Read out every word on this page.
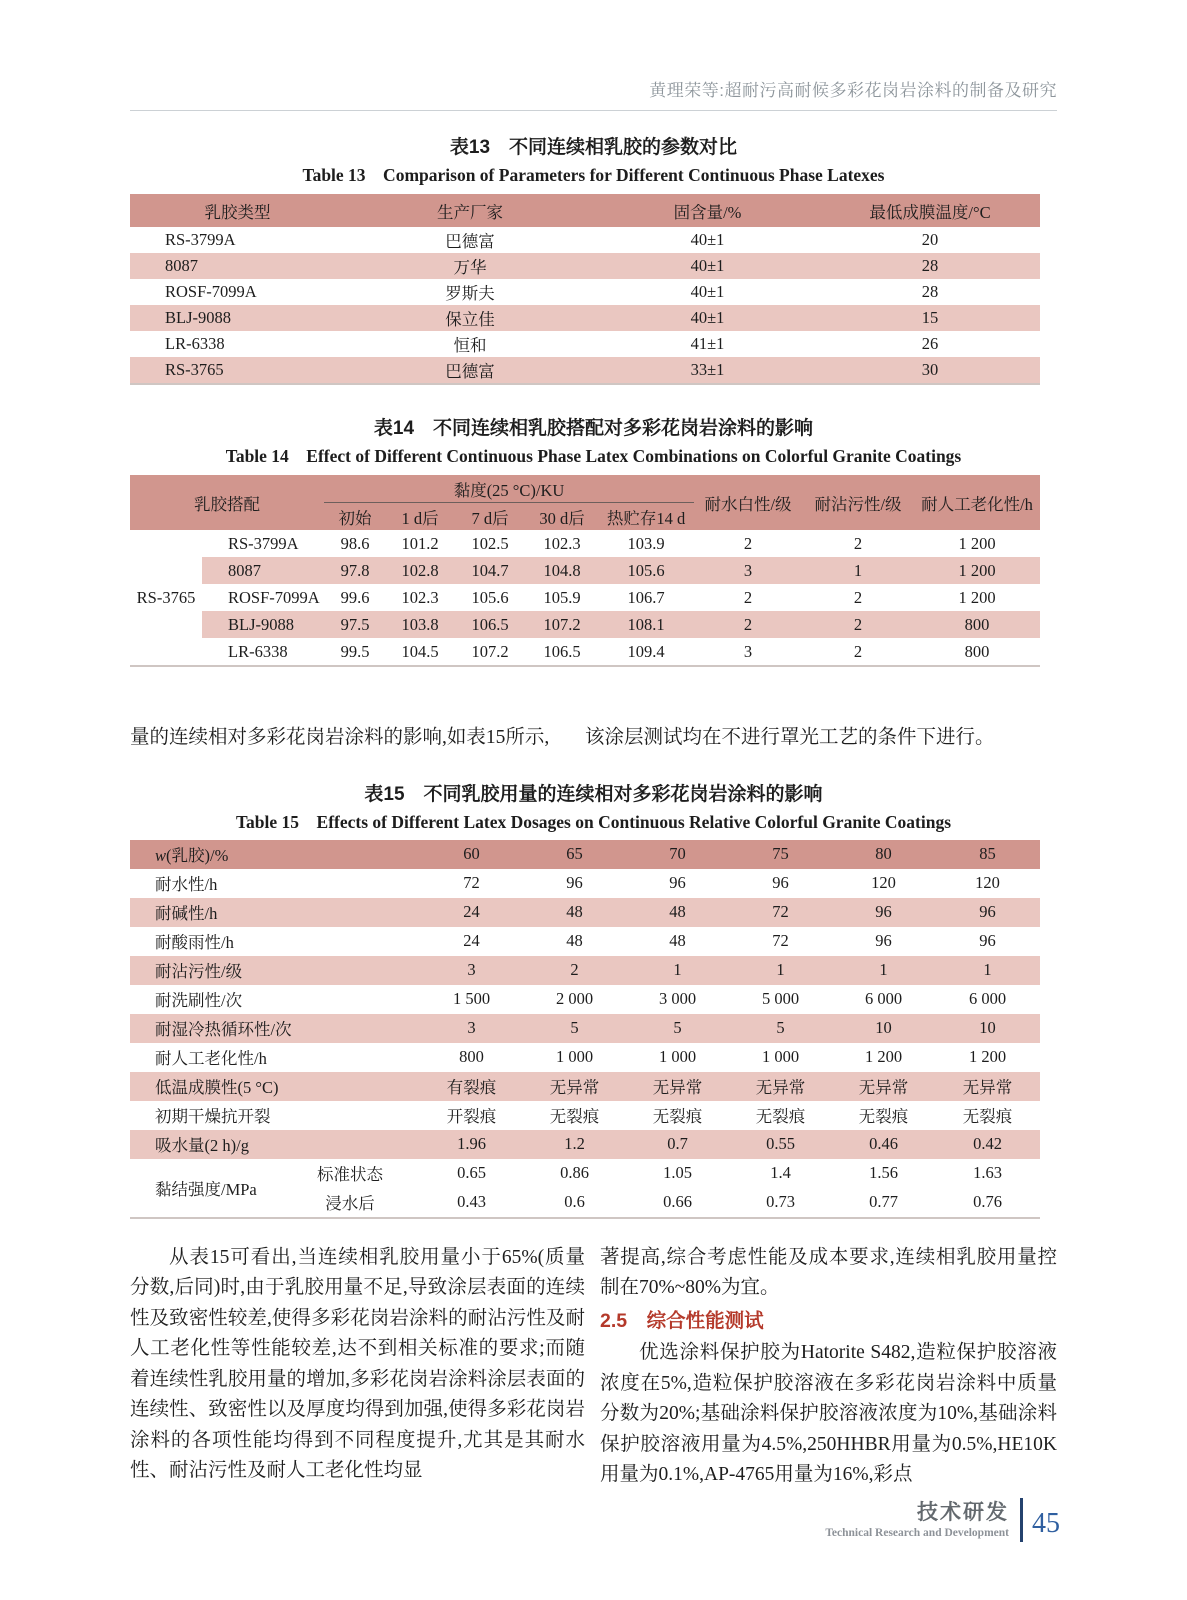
黄理荣等:超耐污高耐候多彩花岗岩涂料的制备及研究
表13　不同连续相乳胶的参数对比
Table 13 Comparison of Parameters for Different Continuous Phase Latexes
乳胶类型	生产厂家	固含量/%	最低成膜温度/°C
RS-3799A	巴德富	40±1	20
8087	万华	40±1	28
ROSF-7099A	罗斯夫	40±1	28
BLJ-9088	保立佳	40±1	15
LR-6338	恒和	41±1	26
RS-3765	巴德富	33±1	30
表14　不同连续相乳胶搭配对多彩花岗岩涂料的影响
Table 14 Effect of Different Continuous Phase Latex Combinations on Colorful Granite Coatings
乳胶搭配		黏度(25 °C)/KU					耐水白性/级	耐沾污性/级	耐人工老化性/h
		初始	1 d后	7 d后	30 d后	热贮存14 d			
RS-3765	RS-3799A	98.6	101.2	102.5	102.3	103.9	2	2	1 200
	8087	97.8	102.8	104.7	104.8	105.6	3	1	1 200
	ROSF-7099A	99.6	102.3	105.6	105.9	106.7	2	2	1 200
	BLJ-9088	97.5	103.8	106.5	107.2	108.1	2	2	800
	LR-6338	99.5	104.5	107.2	106.5	109.4	3	2	800

量的连续相对多彩花岗岩涂料的影响,如表15所示,	该涂层测试均在不进行罩光工艺的条件下进行。

表15　不同乳胶用量的连续相对多彩花岗岩涂料的影响
Table 15 Effects of Different Latex Dosages on Continuous Relative Colorful Granite Coatings
w(乳胶)/%		60	65	70	75	80	85
耐水性/h		72	96	96	96	120	120
耐碱性/h		24	48	48	72	96	96
耐酸雨性/h		24	48	48	72	96	96
耐沾污性/级		3	2	1	1	1	1
耐洗刷性/次		1 500	2 000	3 000	5 000	6 000	6 000
耐湿冷热循环性/次		3	5	5	5	10	10
耐人工老化性/h		800	1 000	1 000	1 000	1 200	1 200
低温成膜性(5 °C)		有裂痕	无异常	无异常	无异常	无异常	无异常
初期干燥抗开裂		开裂痕	无裂痕	无裂痕	无裂痕	无裂痕	无裂痕
吸水量(2 h)/g		1.96	1.2	0.7	0.55	0.46	0.42
黏结强度/MPa	标准状态	0.65	0.86	1.05	1.4	1.56	1.63
	浸水后	0.43	0.6	0.66	0.73	0.77	0.76

从表15可看出,当连续相乳胶用量小于65%(质量分数,后同)时,由于乳胶用量不足,导致涂层表面的连续性及致密性较差,使得多彩花岗岩涂料的耐沾污性及耐人工老化性等性能较差,达不到相关标准的要求;而随着连续性乳胶用量的增加,多彩花岗岩涂料涂层表面的连续性、致密性以及厚度均得到加强,使得多彩花岗岩涂料的各项性能均得到不同程度提升,尤其是其耐水性、耐沾污性及耐人工老化性均显

著提高,综合考虑性能及成本要求,连续相乳胶用量控制在70%~80%为宜。

2.5　综合性能测试

优选涂料保护胶为Hatorite S482,造粒保护胶溶液浓度在5%,造粒保护胶溶液在多彩花岗岩涂料中质量分数为20%;基础涂料保护胶溶液浓度为10%,基础涂料保护胶溶液用量为4.5%,250HHBR用量为0.5%,HE10K用量为0.1%,AP-4765用量为16%,彩点

技术研发
Technical Research and Development 45
